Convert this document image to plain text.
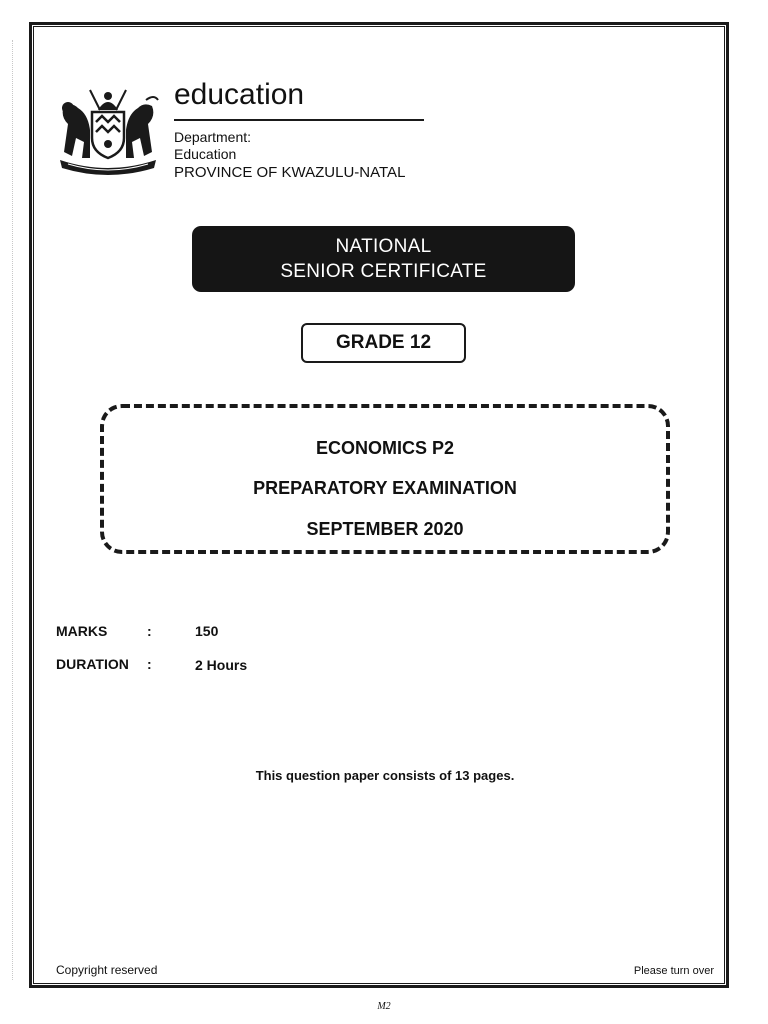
education
Department:
Education
PROVINCE OF KWAZULU-NATAL
NATIONAL
SENIOR CERTIFICATE
GRADE 12
ECONOMICS P2
PREPARATORY EXAMINATION
SEPTEMBER 2020
MARKS	:	150
DURATION :	2 Hours
This question paper consists of 13 pages.
Copyright reserved	Please turn over
M2
